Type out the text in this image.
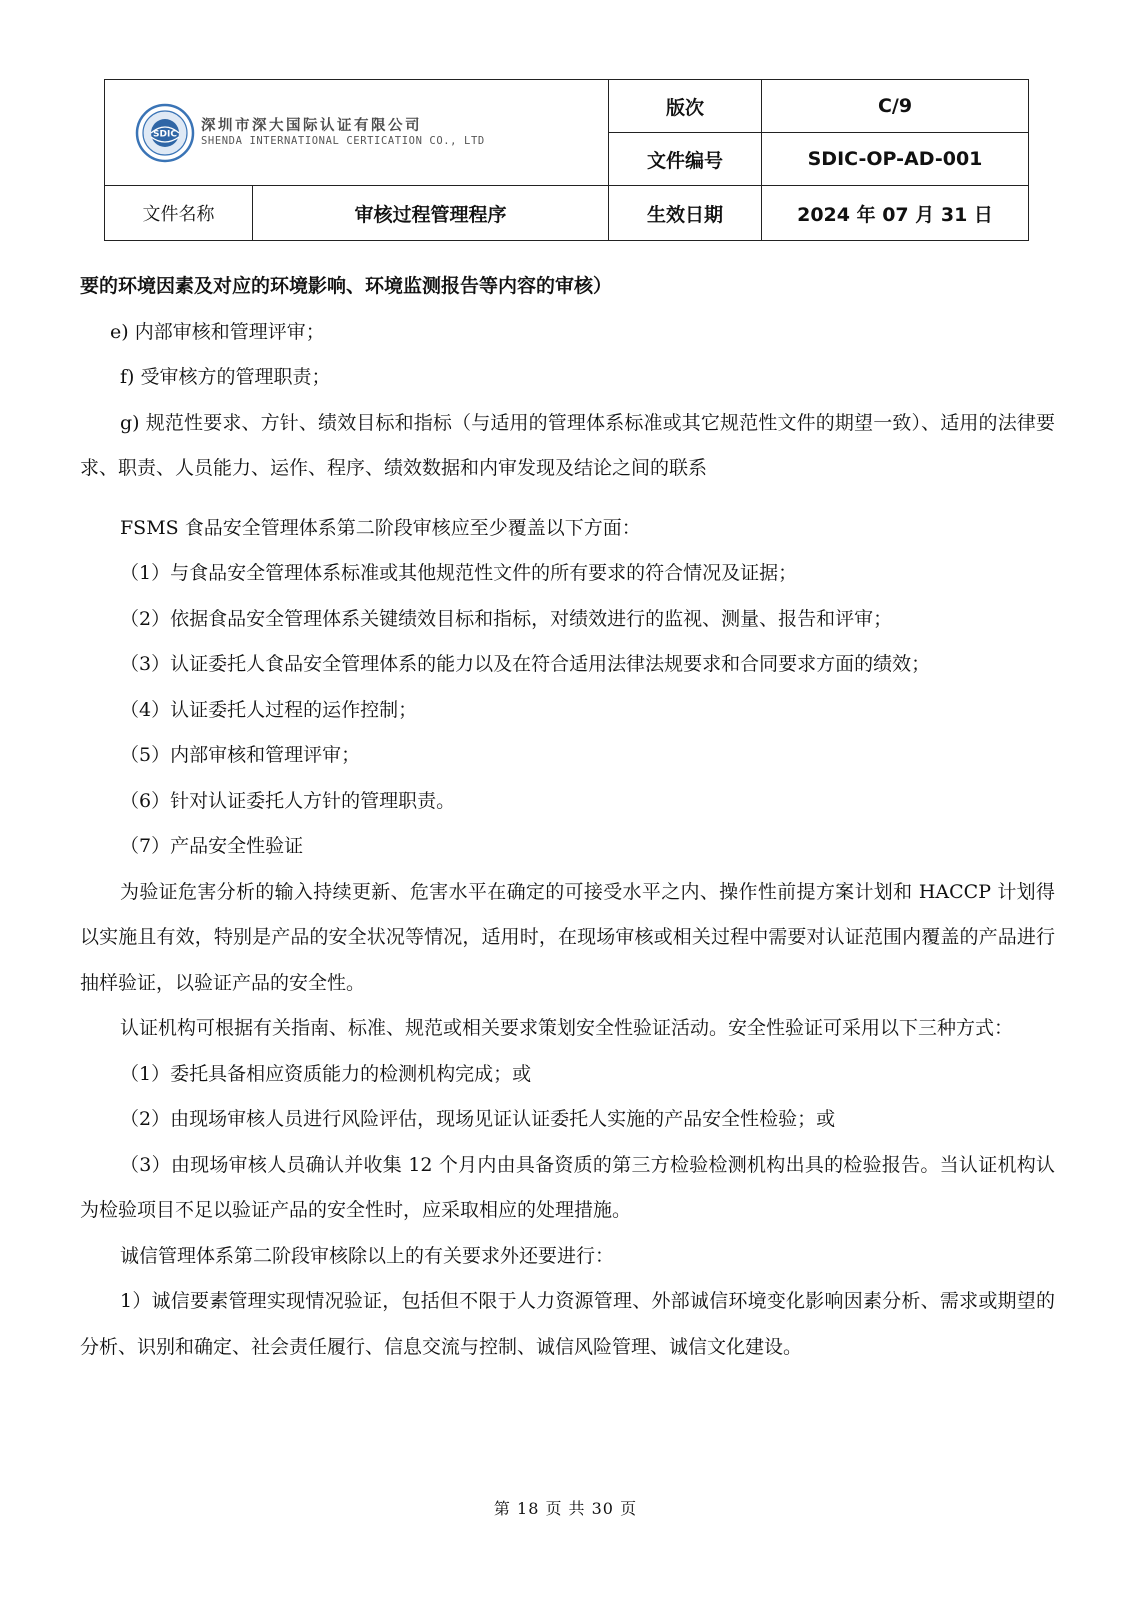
SDIC
深圳市深大国际认证有限公司
SHENDA INTERNATIONAL CERTICATION CO., LTD		版次	C/9
		文件编号	SDIC-OP-AD-001
文件名称	审核过程管理程序	生效日期	2024 年 07 月 31 日

要的环境因素及对应的环境影响、环境监测报告等内容的审核）

e) 内部审核和管理评审；

f) 受审核方的管理职责；

g) 规范性要求、方针、绩效目标和指标（与适用的管理体系标准或其它规范性文件的期望一致）、适用的法律要求、职责、人员能力、运作、程序、绩效数据和内审发现及结论之间的联系

FSMS 食品安全管理体系第二阶段审核应至少覆盖以下方面：

（1）与食品安全管理体系标准或其他规范性文件的所有要求的符合情况及证据；

（2）依据食品安全管理体系关键绩效目标和指标，对绩效进行的监视、测量、报告和评审；

（3）认证委托人食品安全管理体系的能力以及在符合适用法律法规要求和合同要求方面的绩效；

（4）认证委托人过程的运作控制；

（5）内部审核和管理评审；

（6）针对认证委托人方针的管理职责。

（7）产品安全性验证

为验证危害分析的输入持续更新、危害水平在确定的可接受水平之内、操作性前提方案计划和 HACCP 计划得以实施且有效，特别是产品的安全状况等情况，适用时，在现场审核或相关过程中需要对认证范围内覆盖的产品进行抽样验证，以验证产品的安全性。

认证机构可根据有关指南、标准、规范或相关要求策划安全性验证活动。安全性验证可采用以下三种方式：

（1）委托具备相应资质能力的检测机构完成；或

（2）由现场审核人员进行风险评估，现场见证认证委托人实施的产品安全性检验；或

（3）由现场审核人员确认并收集 12 个月内由具备资质的第三方检验检测机构出具的检验报告。当认证机构认为检验项目不足以验证产品的安全性时，应采取相应的处理措施。

诚信管理体系第二阶段审核除以上的有关要求外还要进行：

1）诚信要素管理实现情况验证，包括但不限于人力资源管理、外部诚信环境变化影响因素分析、需求或期望的分析、识别和确定、社会责任履行、信息交流与控制、诚信风险管理、诚信文化建设。

第 18 页 共 30 页
